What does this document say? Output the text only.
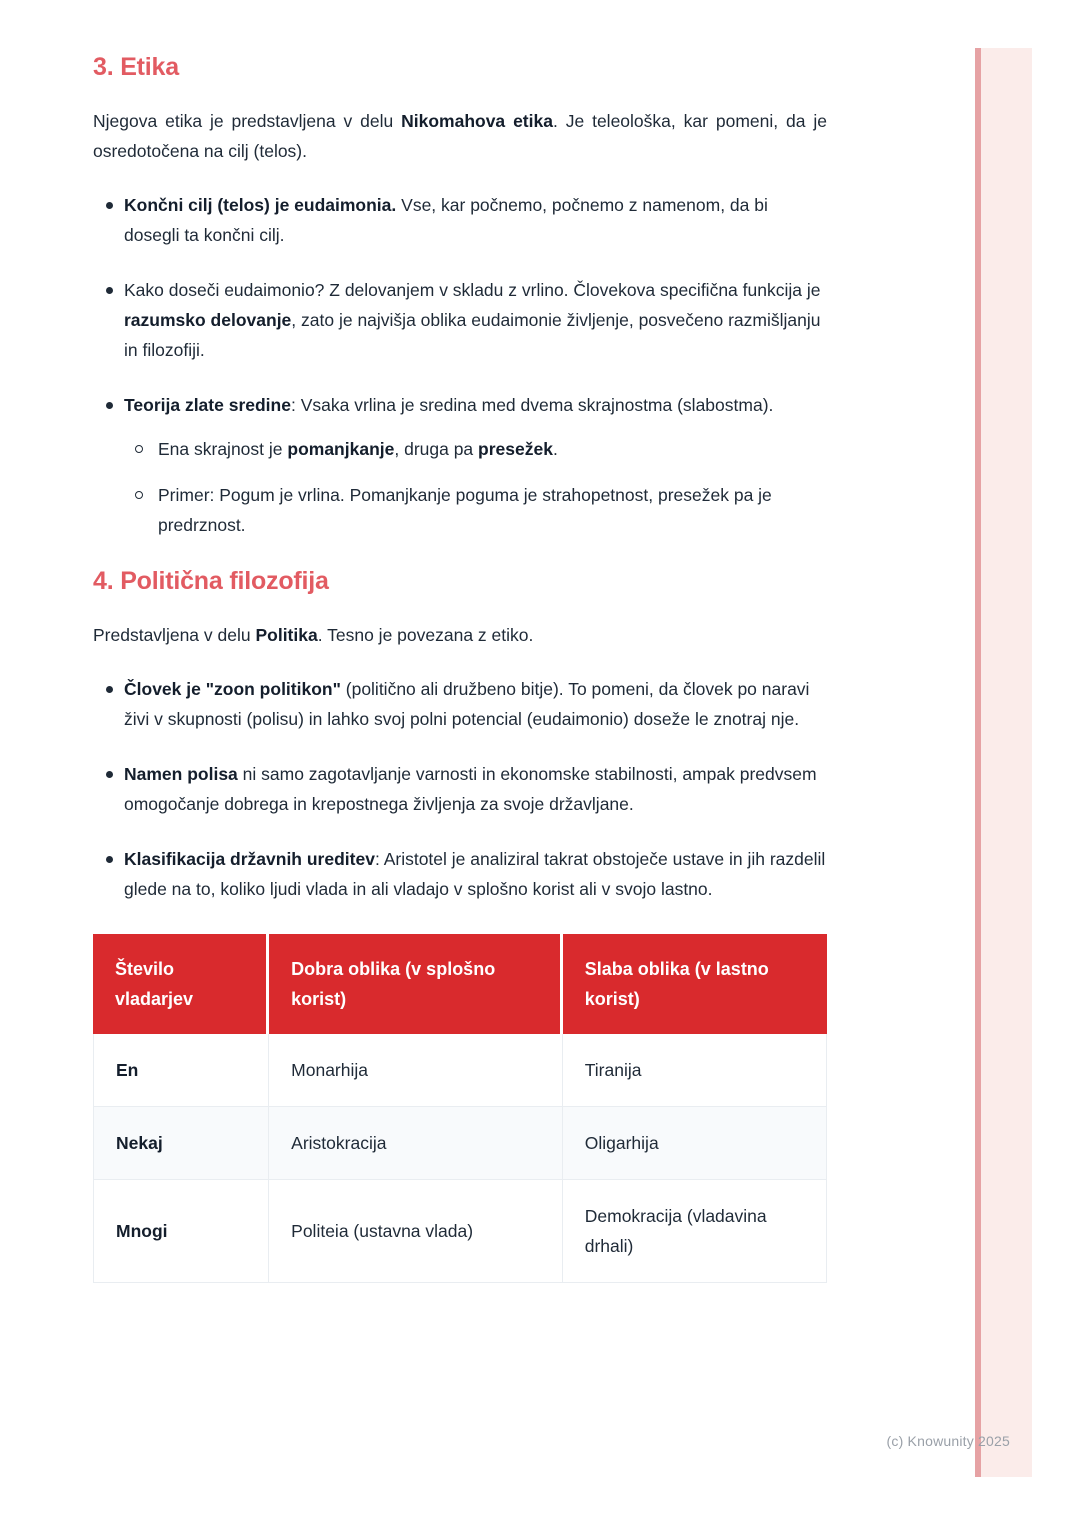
3. Etika

Njegova etika je predstavljena v delu Nikomahova etika. Je teleološka, kar pomeni, da je osredotočena na cilj (telos).

Končni cilj (telos) je eudaimonia. Vse, kar počnemo, počnemo z namenom, da bi dosegli ta končni cilj.
Kako doseči eudaimonio? Z delovanjem v skladu z vrlino. Človekova specifična funkcija je razumsko delovanje, zato je najvišja oblika eudaimonie življenje, posvečeno razmišljanju in filozofiji.
Teorija zlate sredine: Vsaka vrlina je sredina med dvema skrajnostma (slabostma).
Ena skrajnost je pomanjkanje, druga pa presežek.
Primer: Pogum je vrlina. Pomanjkanje poguma je strahopetnost, presežek pa je predrznost.
4. Politična filozofija

Predstavljena v delu Politika. Tesno je povezana z etiko.

Človek je "zoon politikon" (politično ali družbeno bitje). To pomeni, da človek po naravi živi v skupnosti (polisu) in lahko svoj polni potencial (eudaimonio) doseže le znotraj nje.
Namen polisa ni samo zagotavljanje varnosti in ekonomske stabilnosti, ampak predvsem omogočanje dobrega in krepostnega življenja za svoje državljane.
Klasifikacija državnih ureditev: Aristotel je analiziral takrat obstoječe ustave in jih razdelil glede na to, koliko ljudi vlada in ali vladajo v splošno korist ali v svojo lastno.
Število vladarjev	Dobra oblika (v splošno korist)	Slaba oblika (v lastno korist)
En	Monarhija	Tiranija
Nekaj	Aristokracija	Oligarhija
Mnogi	Politeia (ustavna vlada)	Demokracija (vladavina drhali)
(c) Knowunity 2025
